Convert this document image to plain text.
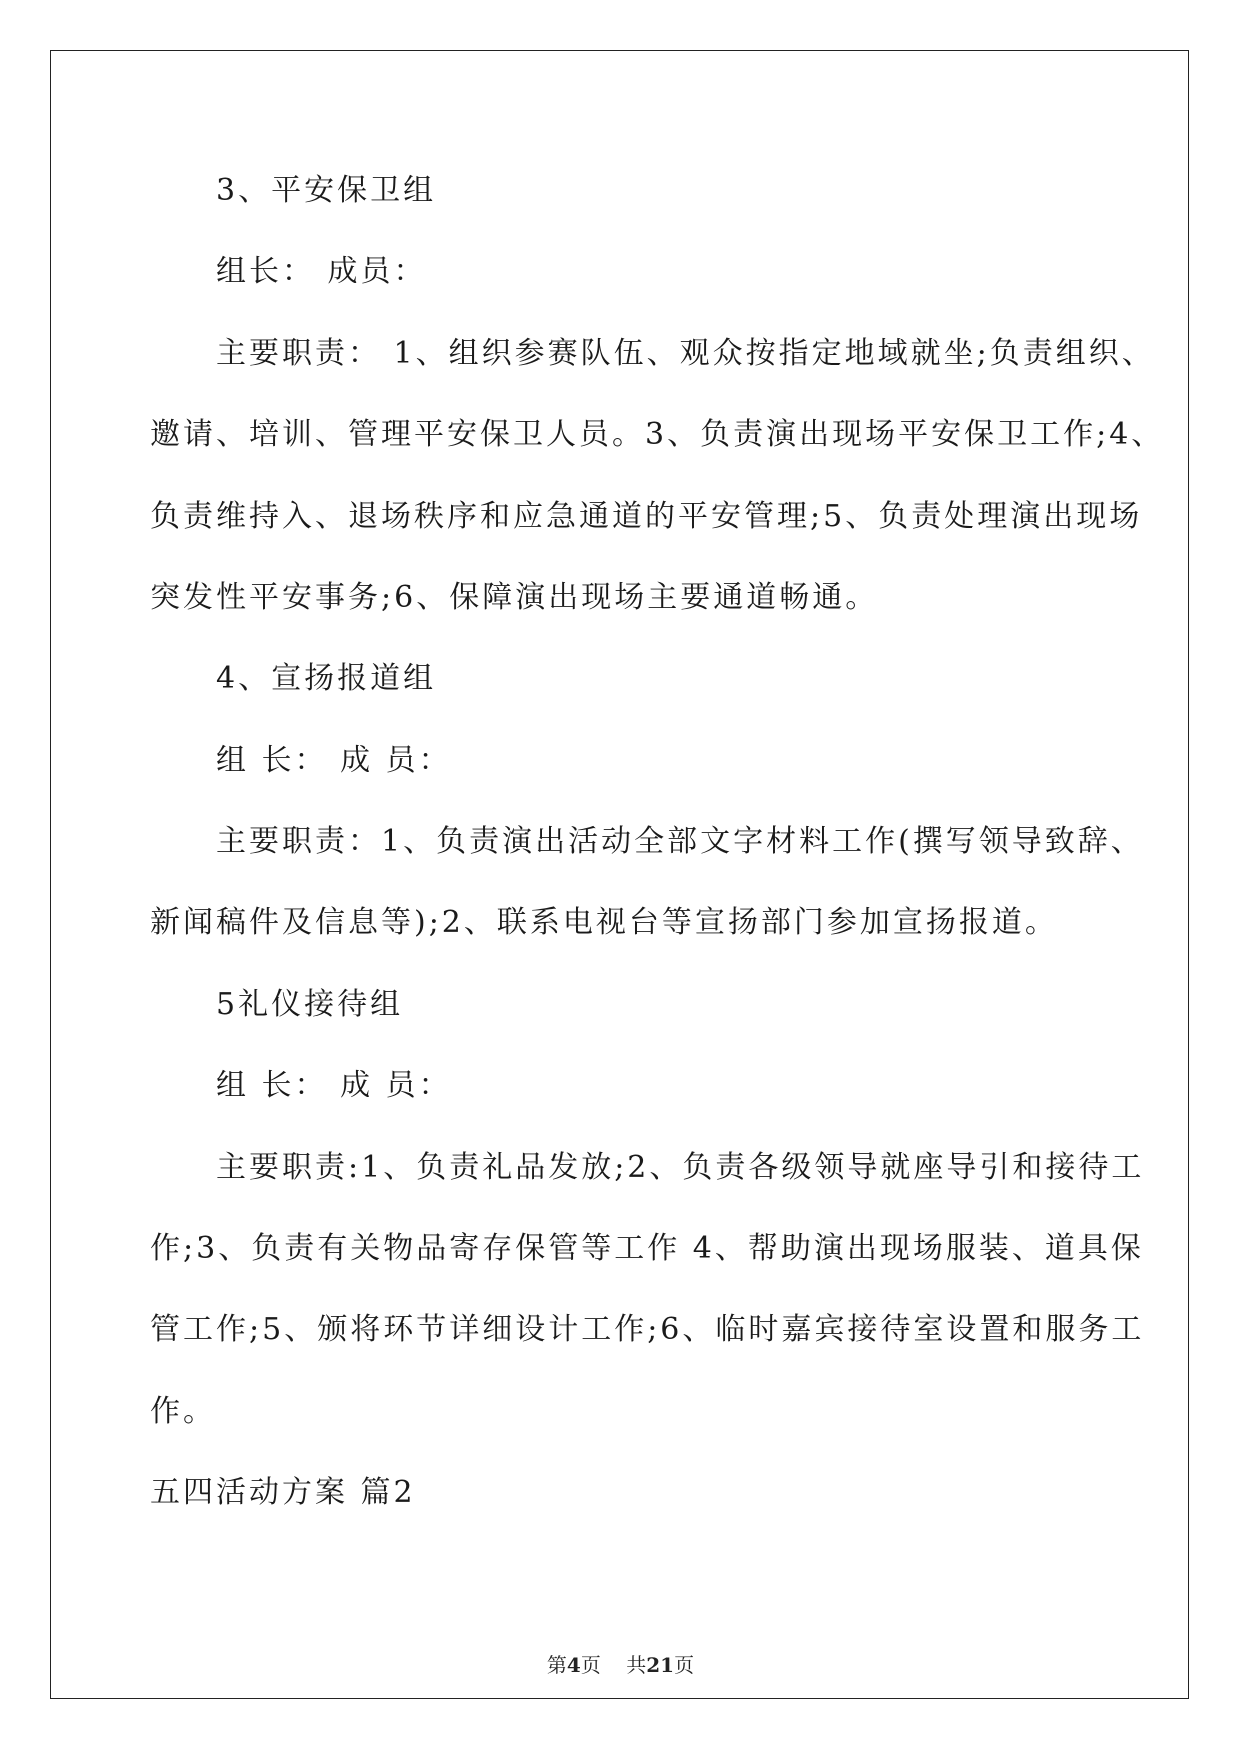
3、平安保卫组
组长： 成员：
主要职责： 1、组织参赛队伍、观众按指定地域就坐;负责组织、
邀请、培训、管理平安保卫人员。3、负责演出现场平安保卫工作;4、
负责维持入、退场秩序和应急通道的平安管理;5、负责处理演出现场
突发性平安事务;6、保障演出现场主要通道畅通。
4、宣扬报道组
组 长： 成 员：
主要职责：1、负责演出活动全部文字材料工作(撰写领导致辞、
新闻稿件及信息等);2、联系电视台等宣扬部门参加宣扬报道。
5礼仪接待组
组 长： 成 员：
主要职责:1、负责礼品发放;2、负责各级领导就座导引和接待工
作;3、负责有关物品寄存保管等工作 4、帮助演出现场服装、道具保
管工作;5、颁将环节详细设计工作;6、临时嘉宾接待室设置和服务工
作。
五四活动方案 篇2
第4页    共21页
